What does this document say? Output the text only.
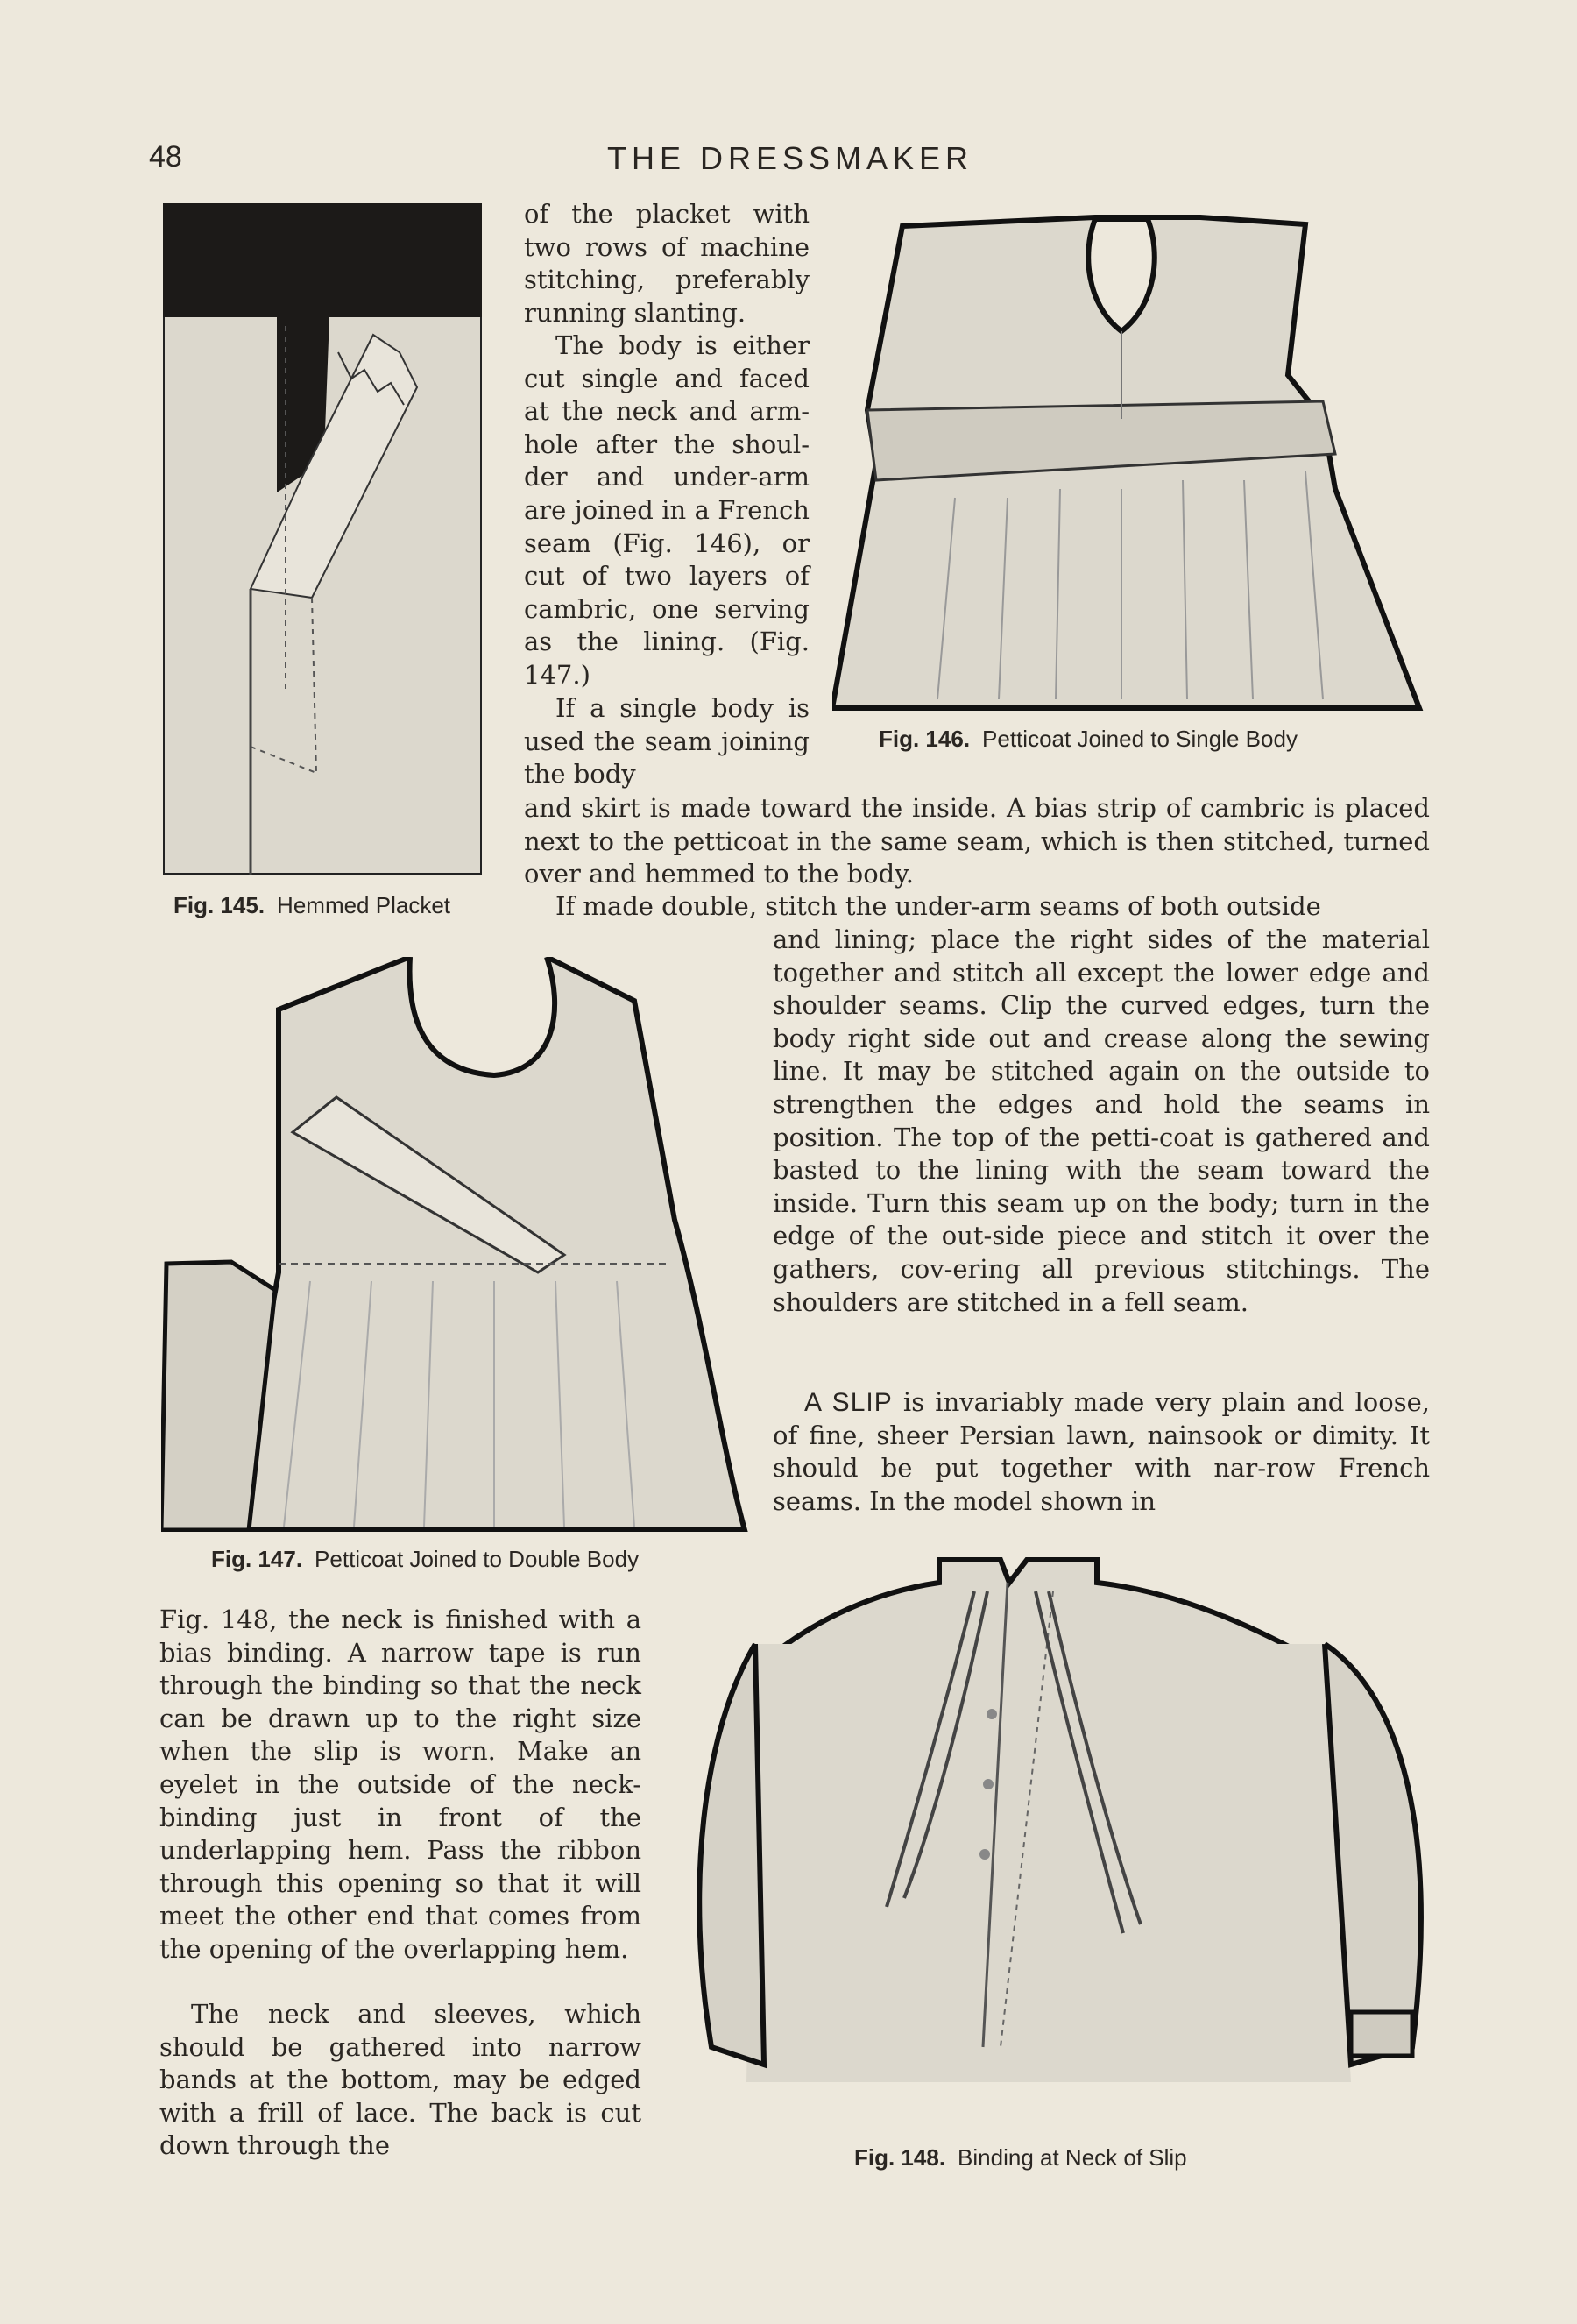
48	THE DRESSMAKER
Fig. 145. Hemmed Placket

of the placket with two rows of machine stitching, preferably running slanting.

The body is either cut single and faced at the neck and arm-hole after the shoul-der and under-arm are joined in a French seam (Fig. 146), or cut of two layers of cambric, one serving as the lining. (Fig. 147.)

If a single body is used the seam joining the body

Fig. 146. Petticoat Joined to Single Body

and skirt is made toward the inside. A bias strip of cambric is placed next to the petticoat in the same seam, which is then stitched, turned over and hemmed to the body.

If made double, stitch the under-arm seams of both outside

and lining; place the right sides of the material together and stitch all except the lower edge and shoulder seams. Clip the curved edges, turn the body right side out and crease along the sewing line. It may be stitched again on the outside to strengthen the edges and hold the seams in position. The top of the petti-coat is gathered and basted to the lining with the seam toward the inside. Turn this seam up on the body; turn in the edge of the out-side piece and stitch it over the gathers, cov-ering all previous stitchings. The shoulders are stitched in a fell seam.

Fig. 147. Petticoat Joined to Double Body

A SLIP is invariably made very plain and loose, of fine, sheer Persian lawn, nainsook or dimity. It should be put together with nar-row French seams. In the model shown in

Fig. 148, the neck is finished with a bias binding. A narrow tape is run through the binding so that the neck can be drawn up to the right size when the slip is worn. Make an eyelet in the outside of the neck-binding just in front of the underlapping hem. Pass the ribbon through this opening so that it will meet the other end that comes from the opening of the overlapping hem.

The neck and sleeves, which should be gathered into narrow bands at the bottom, may be edged with a frill of lace. The back is cut down through the	Fig. 148. Binding at Neck of Slip
